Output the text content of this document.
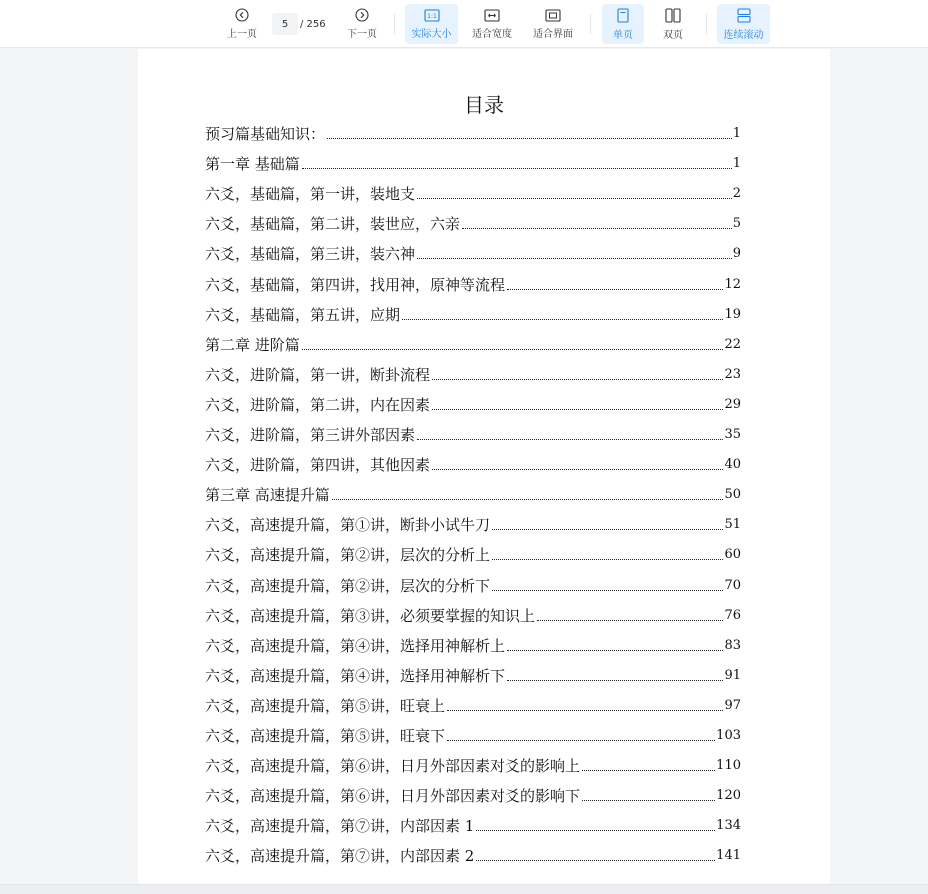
上一页
5
/ 256
下一页
1:1
实际大小 适合宽度 适合界面	单页	双页	连续滚动
目录
预习篇基础知识：	1
第一章 基础篇	1
六爻，基础篇，第一讲，装地支	2
六爻，基础篇，第二讲，装世应，六亲	5
六爻，基础篇，第三讲，装六神	9
六爻，基础篇，第四讲，找用神，原神等流程	12
六爻，基础篇，第五讲，应期	19
第二章 进阶篇	22
六爻，进阶篇，第一讲，断卦流程	23
六爻，进阶篇，第二讲，内在因素	29
六爻，进阶篇，第三讲外部因素	35
六爻，进阶篇，第四讲，其他因素	40
第三章 高速提升篇	50
六爻，高速提升篇，第①讲，断卦小试牛刀	51
六爻，高速提升篇，第②讲，层次的分析上	60
六爻，高速提升篇，第②讲，层次的分析下	70
六爻，高速提升篇，第③讲，必须要掌握的知识上	76
六爻，高速提升篇，第④讲，选择用神解析上	83
六爻，高速提升篇，第④讲，选择用神解析下	91
六爻，高速提升篇，第⑤讲，旺衰上	97
六爻，高速提升篇，第⑤讲，旺衰下	103
六爻，高速提升篇，第⑥讲，日月外部因素对爻的影响上	110
六爻，高速提升篇，第⑥讲，日月外部因素对爻的影响下	120
六爻，高速提升篇，第⑦讲，内部因素 1	134
六爻，高速提升篇，第⑦讲，内部因素 2	141
